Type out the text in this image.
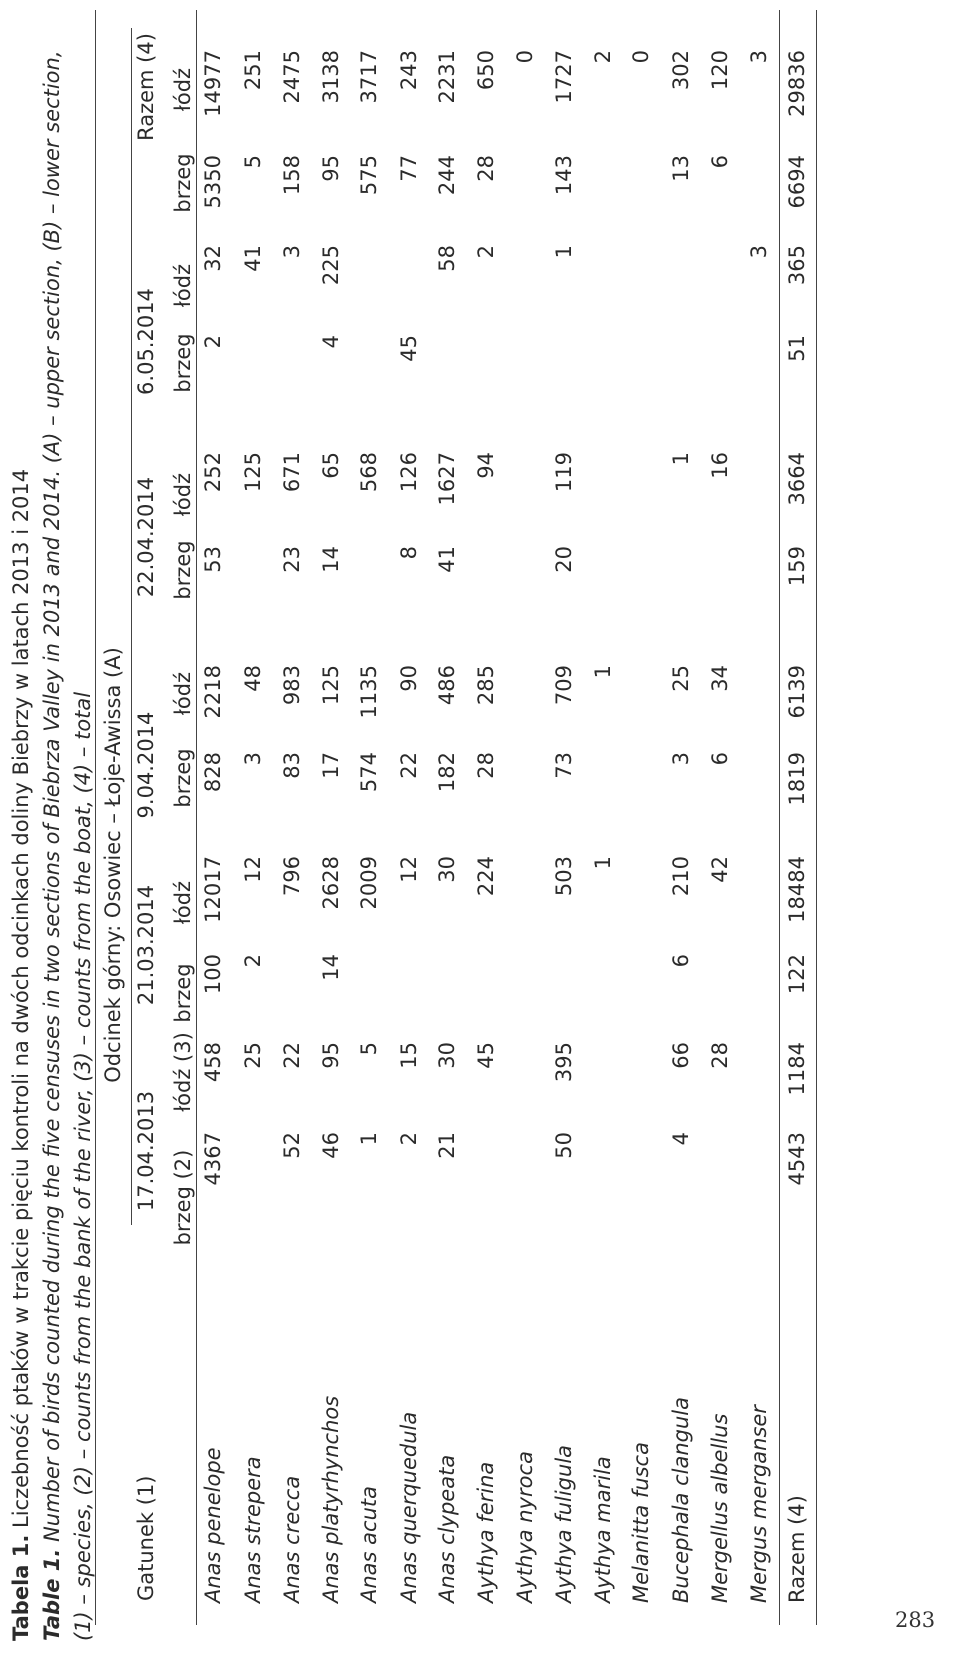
Tabela 1. Liczebność ptaków w trakcie pięciu kontroli na dwóch odcinkach doliny Biebrzy w latach 2013 i 2014
Table 1. Number of birds counted during the five censuses in two sections of Biebrza Valley in 2013 and 2014. (A) – upper section, (B) – lower section, (1) – species, (2) – counts from the bank of the river, (3) – counts from the boat, (4) – total Gatunek (1)
Odcinek górny: Osowiec – Łoje-Awissa (A)
17.04.2013
21.03.2014
9.04.2014
22.04.2014
6.05.2014
Razem (4)
brzeg (2)
łódź (3)
brzeg
łódź
brzeg
łódź
brzeg
łódź
brzeg
łódź
brzeg
łódź
Anas penelope
4367
458
100
12017
828
2218
53
252
2
32
5350
14977
Anas strepera
25
2
12
3
48
125
41
5
251
Anas crecca
52
22
796
83
983
23
671
3
158
2475
Anas platyrhynchos
46
95
14
2628
17
125
14
65
4
225
95
3138
Anas acuta
1
5
2009
574
1135
568
575
3717
Anas querquedula
2
15
12
22
90
8
126
45
77
243
Anas clypeata
21
30
30
182
486
41
1627
58
244
2231
Aythya ferina
45
224
28
285
94
2
28
650
Aythya nyroca
0
Aythya fuligula
50
395
503
73
709
20
119
1
143
1727
Aythya marila
1
1
2
Melanitta fusca
0
Bucephala clangula
4
66
6
210
3
25
1
13
302
Mergellus albellus
28
42
6
34
16
6
120
Mergus merganser
3
3
Razem (4)
4543
1184
122
18484
1819
6139
159
3664
51
365
6694
29836
283
